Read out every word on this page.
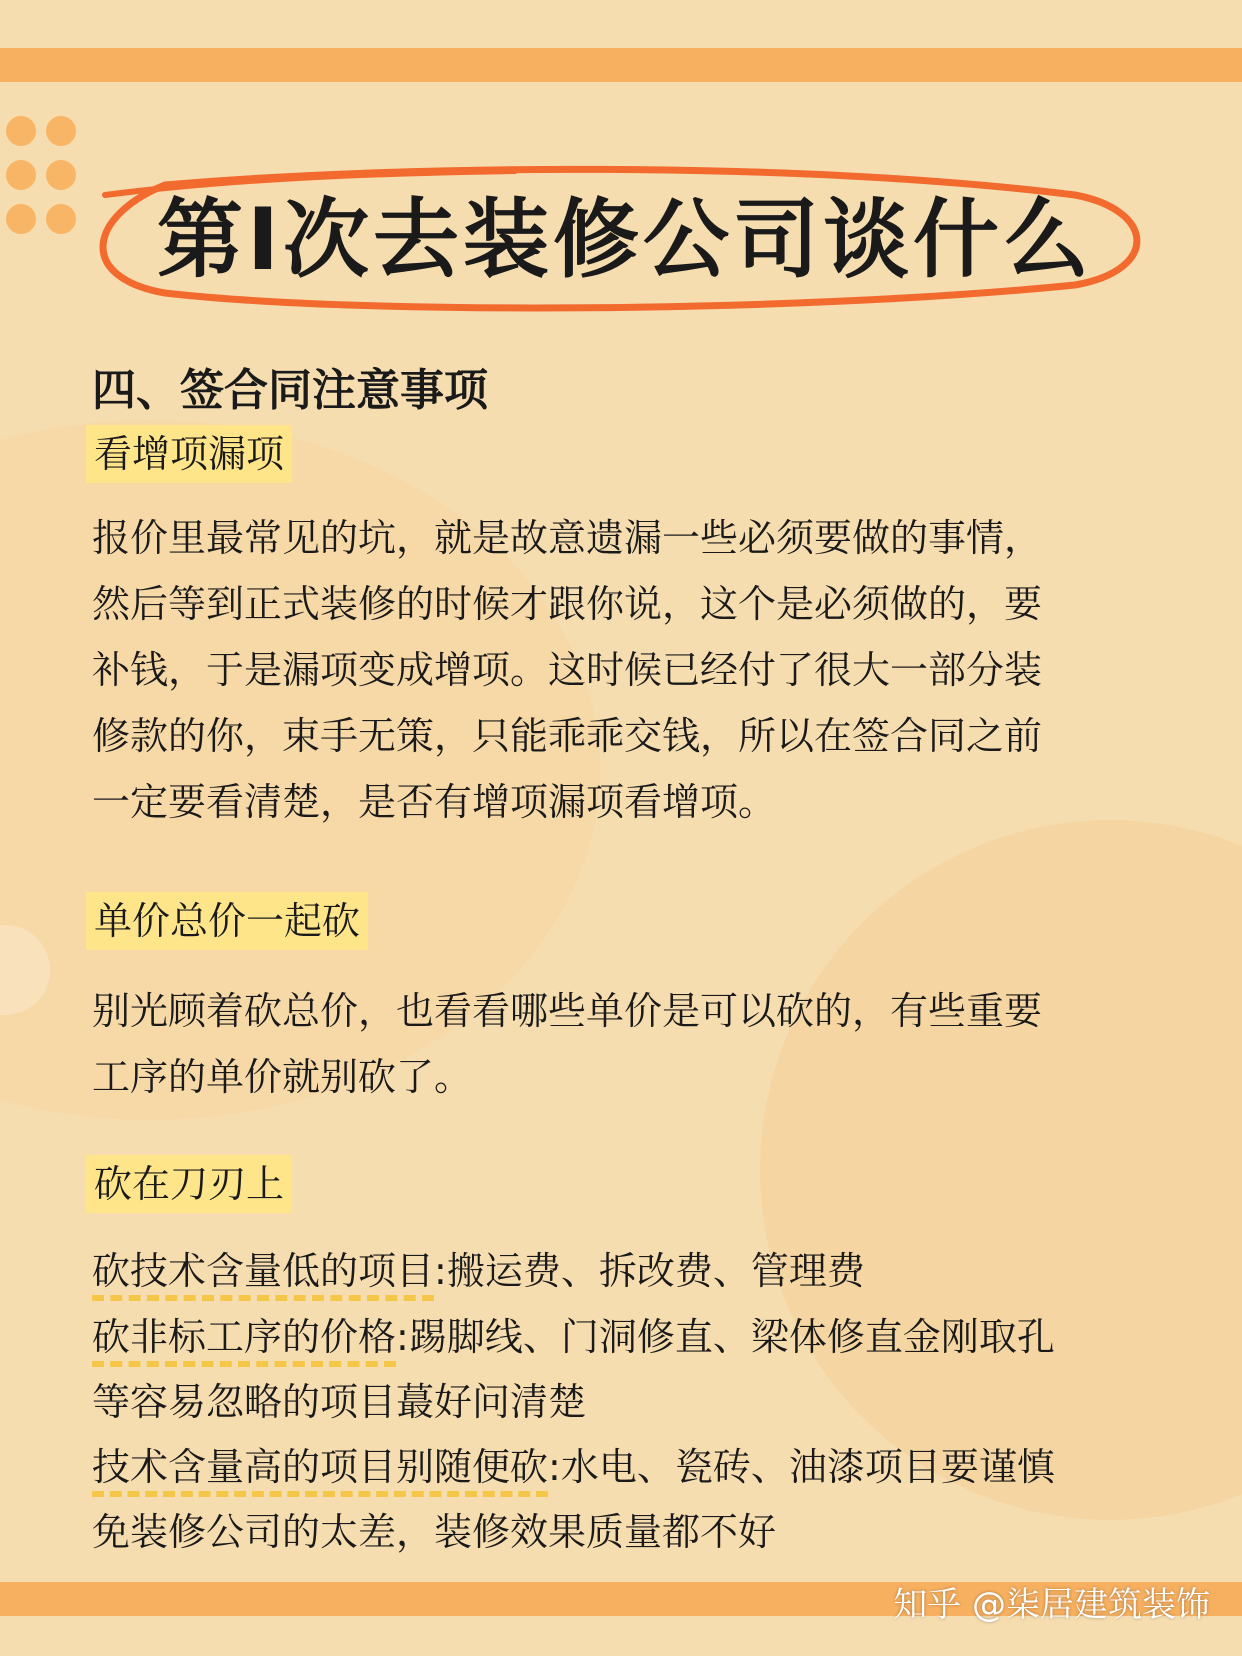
第Ⅰ次去装修公司谈什么
四、签合同注意事项
看增项漏项
报价里最常见的坑，就是故意遗漏一些必须要做的事情，
然后等到正式装修的时候才跟你说，这个是必须做的，要
补钱，于是漏项变成增项。这时候已经付了很大一部分装
修款的你，束手无策，只能乖乖交钱，所以在签合同之前
一定要看清楚，是否有增项漏项看增项。
单价总价一起砍
别光顾着砍总价，也看看哪些单价是可以砍的，有些重要
工序的单价就别砍了。
砍在刀刃上
砍技术含量低的项目:搬运费、拆改费、管理费
砍非标工序的价格:踢脚线、门洞修直、梁体修直金刚取孔
等容易忽略的项目蕞好问清楚
技术含量高的项目别随便砍:水电、瓷砖、油漆项目要谨慎
免装修公司的太差，装修效果质量都不好
知乎 @柒居建筑装饰
